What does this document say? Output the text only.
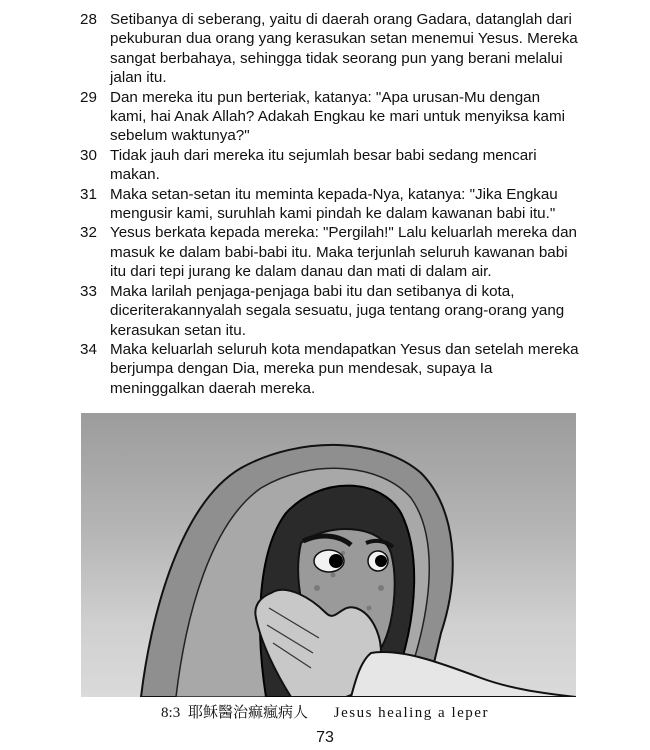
28 Setibanya di seberang, yaitu di daerah orang Gadara, datanglah dari pekuburan dua orang yang kerasukan setan menemui Yesus. Mereka sangat berbahaya, sehingga tidak seorang pun yang berani melalui jalan itu.
29 Dan mereka itu pun berteriak, katanya: "Apa urusan-Mu dengan kami, hai Anak Allah? Adakah Engkau ke mari untuk menyiksa kami sebelum waktunya?"
30 Tidak jauh dari mereka itu sejumlah besar babi sedang mencari makan.
31 Maka setan-setan itu meminta kepada-Nya, katanya: "Jika Engkau mengusir kami, suruhlah kami pindah ke dalam kawanan babi itu."
32 Yesus berkata kepada mereka: "Pergilah!" Lalu keluarlah mereka dan masuk ke dalam babi-babi itu. Maka terjunlah seluruh kawanan babi itu dari tepi jurang ke dalam danau dan mati di dalam air.
33 Maka larilah penjaga-penjaga babi itu dan setibanya di kota, diceriterakannyalah segala sesuatu, juga tentang orang-orang yang kerasukan setan itu.
34 Maka keluarlah seluruh kota mendapatkan Yesus dan setelah mereka berjumpa dengan Dia, mereka pun mendesak, supaya Ia meninggalkan daerah mereka.
8:3 耶稣醫治痲瘋病人 Jesus healing a leper
73
